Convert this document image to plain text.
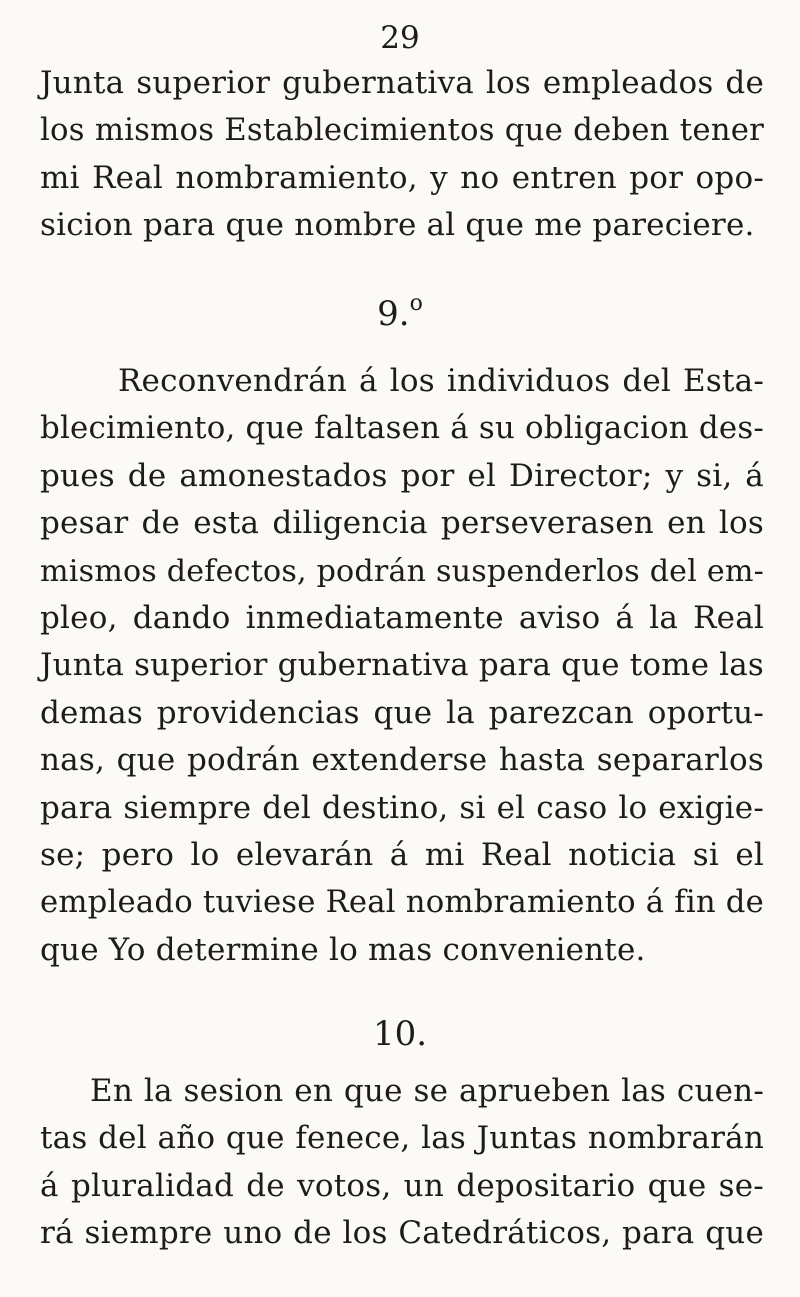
29
Junta superior gubernativa los empleados de
los mismos Establecimientos que deben tener
mi Real nombramiento, y no entren por opo-
sicion para que nombre al que me pareciere.
9.$^o$
Reconvendrán á los individuos del Esta-
blecimiento, que faltasen á su obligacion des-
pues de amonestados por el Director; y si, á
pesar de esta diligencia perseverasen en los
mismos defectos, podrán suspenderlos del em-
pleo, dando inmediatamente aviso á la Real
Junta superior gubernativa para que tome las
demas providencias que la parezcan oportu-
nas, que podrán extenderse hasta separarlos
para siempre del destino, si el caso lo exigie-
se; pero lo elevarán á mi Real noticia si el
empleado tuviese Real nombramiento á fin de
que Yo determine lo mas conveniente.
10.
En la sesion en que se aprueben las cuen-
tas del año que fenece, las Juntas nombrarán
á pluralidad de votos, un depositario que se-
rá siempre uno de los Catedráticos, para que
